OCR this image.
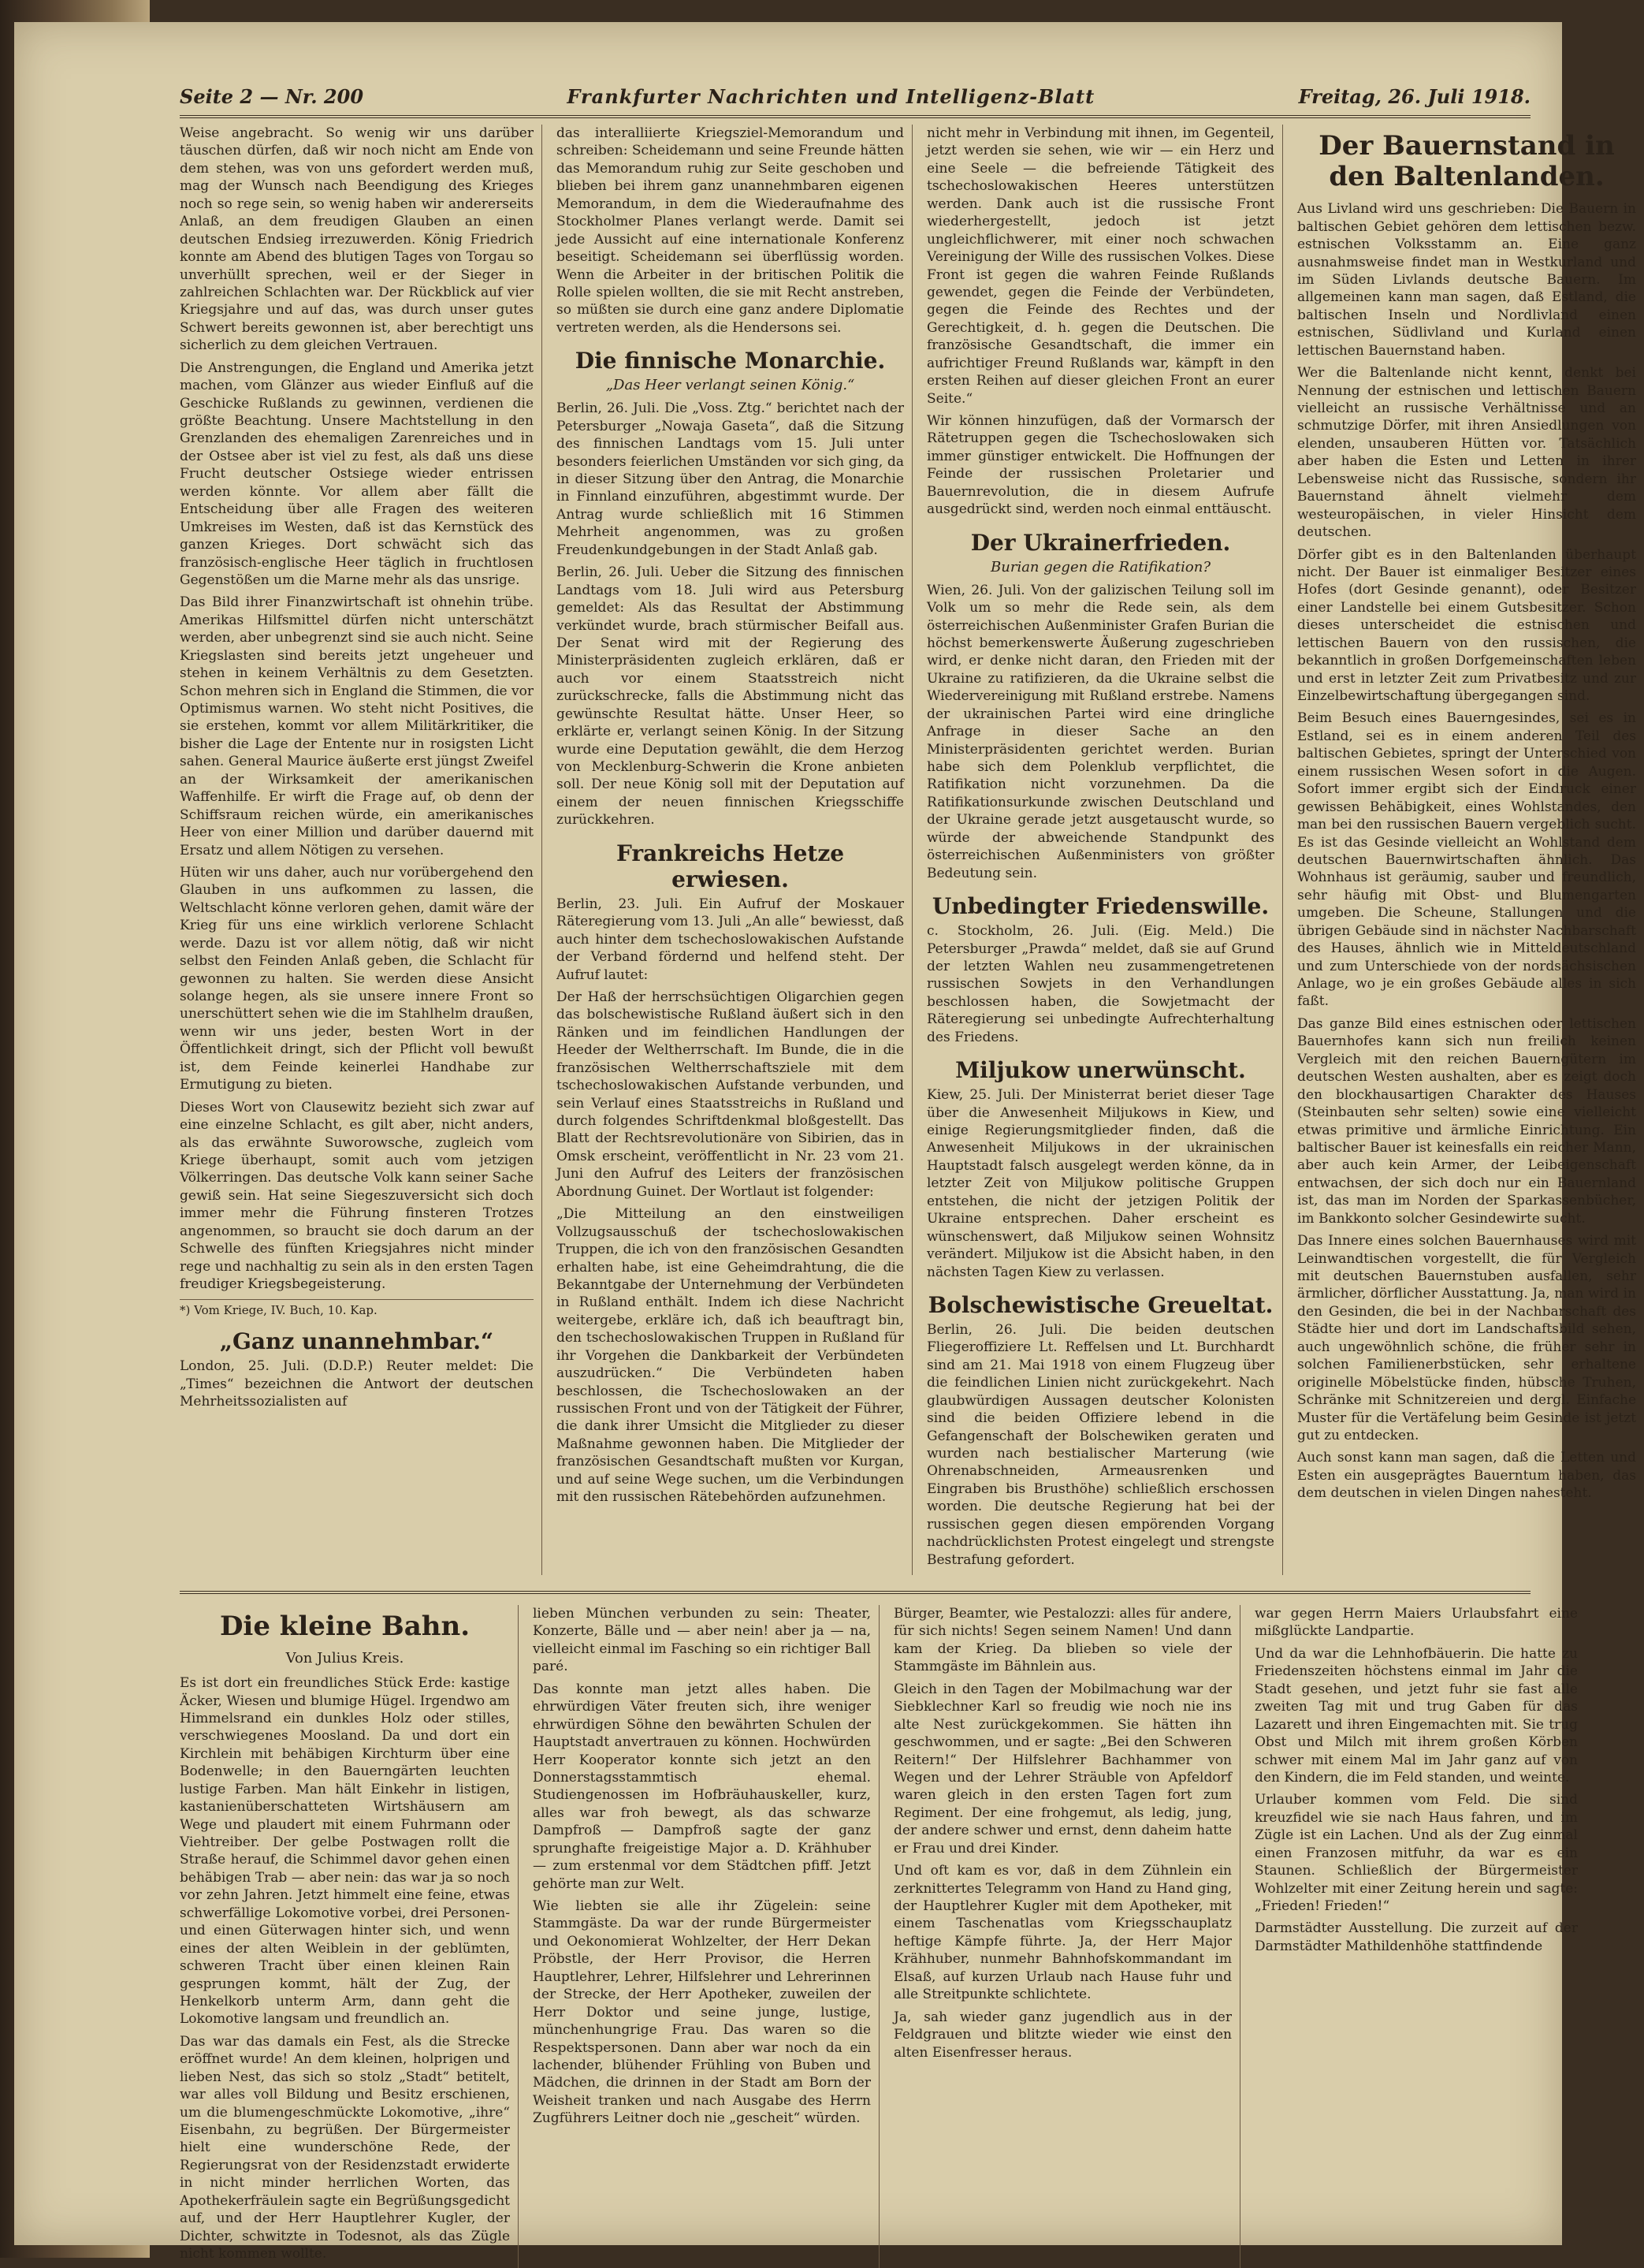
Seite 2 — Nr. 200	Frankfurter Nachrichten und Intelligenz-Blatt	Freitag, 26. Juli 1918.

Weise angebracht. So wenig wir uns darüber täuschen dürfen, daß wir noch nicht am Ende von dem stehen, was von uns gefordert werden muß, mag der Wunsch nach Beendigung des Krieges noch so rege sein, so wenig haben wir andererseits Anlaß, an dem freudigen Glauben an einen deutschen Endsieg irrezuwerden. König Friedrich konnte am Abend des blutigen Tages von Torgau so unverhüllt sprechen, weil er der Sieger in zahlreichen Schlachten war. Der Rückblick auf vier Kriegsjahre und auf das, was durch unser gutes Schwert bereits gewonnen ist, aber berechtigt uns sicherlich zu dem gleichen Vertrauen.

Die Anstrengungen, die England und Amerika jetzt machen, vom Glänzer aus wieder Einfluß auf die Geschicke Rußlands zu gewinnen, verdienen die größte Beachtung. Unsere Machtstellung in den Grenzlanden des ehemaligen Zarenreiches und in der Ostsee aber ist viel zu fest, als daß uns diese Frucht deutscher Ostsiege wieder entrissen werden könnte. Vor allem aber fällt die Entscheidung über alle Fragen des weiteren Umkreises im Westen, daß ist das Kernstück des ganzen Krieges. Dort schwächt sich das französisch-englische Heer täglich in fruchtlosen Gegenstößen um die Marne mehr als das unsrige.

Das Bild ihrer Finanzwirtschaft ist ohnehin trübe. Amerikas Hilfsmittel dürfen nicht unterschätzt werden, aber unbegrenzt sind sie auch nicht. Seine Kriegslasten sind bereits jetzt ungeheuer und stehen in keinem Verhältnis zu dem Gesetzten. Schon mehren sich in England die Stimmen, die vor Optimismus warnen. Wo steht nicht Positives, die sie erstehen, kommt vor allem Militärkritiker, die bisher die Lage der Entente nur in rosigsten Licht sahen. General Maurice äußerte erst jüngst Zweifel an der Wirksamkeit der amerikanischen Waffenhilfe. Er wirft die Frage auf, ob denn der Schiffsraum reichen würde, ein amerikanisches Heer von einer Million und darüber dauernd mit Ersatz und allem Nötigen zu versehen.

Hüten wir uns daher, auch nur vorübergehend den Glauben in uns aufkommen zu lassen, die Weltschlacht könne verloren gehen, damit wäre der Krieg für uns eine wirklich verlorene Schlacht werde. Dazu ist vor allem nötig, daß wir nicht selbst den Feinden Anlaß geben, die Schlacht für gewonnen zu halten. Sie werden diese Ansicht solange hegen, als sie unsere innere Front so unerschüttert sehen wie die im Stahlhelm draußen, wenn wir uns jeder, besten Wort in der Öffentlichkeit dringt, sich der Pflicht voll bewußt ist, dem Feinde keinerlei Handhabe zur Ermutigung zu bieten.

Dieses Wort von Clausewitz bezieht sich zwar auf eine einzelne Schlacht, es gilt aber, nicht anders, als das erwähnte Suworowsche, zugleich vom Kriege überhaupt, somit auch vom jetzigen Völkerringen. Das deutsche Volk kann seiner Sache gewiß sein. Hat seine Siegeszuversicht sich doch immer mehr die Führung finsteren Trotzes angenommen, so braucht sie doch darum an der Schwelle des fünften Kriegsjahres nicht minder rege und nachhaltig zu sein als in den ersten Tagen freudiger Kriegsbegeisterung.

*) Vom Kriege, IV. Buch, 10. Kap.
„Ganz unannehmbar.“

London, 25. Juli. (D.D.P.) Reuter meldet: Die „Times“ bezeichnen die Antwort der deutschen Mehrheitssozialisten auf

das interalliierte Kriegsziel-Memorandum und schreiben: Scheidemann und seine Freunde hätten das Memorandum ruhig zur Seite geschoben und blieben bei ihrem ganz unannehmbaren eigenen Memorandum, in dem die Wiederaufnahme des Stockholmer Planes verlangt werde. Damit sei jede Aussicht auf eine internationale Konferenz beseitigt. Scheidemann sei überflüssig worden. Wenn die Arbeiter in der britischen Politik die Rolle spielen wollten, die sie mit Recht anstreben, so müßten sie durch eine ganz andere Diplomatie vertreten werden, als die Hendersons sei.

Die finnische Monarchie.
„Das Heer verlangt seinen König.“

Berlin, 26. Juli. Die „Voss. Ztg.“ berichtet nach der Petersburger „Nowaja Gaseta“, daß die Sitzung des finnischen Landtags vom 15. Juli unter besonders feierlichen Umständen vor sich ging, da in dieser Sitzung über den Antrag, die Monarchie in Finnland einzuführen, abgestimmt wurde. Der Antrag wurde schließlich mit 16 Stimmen Mehrheit angenommen, was zu großen Freudenkundgebungen in der Stadt Anlaß gab.

Berlin, 26. Juli. Ueber die Sitzung des finnischen Landtags vom 18. Juli wird aus Petersburg gemeldet: Als das Resultat der Abstimmung verkündet wurde, brach stürmischer Beifall aus. Der Senat wird mit der Regierung des Ministerpräsidenten zugleich erklären, daß er auch vor einem Staatsstreich nicht zurückschrecke, falls die Abstimmung nicht das gewünschte Resultat hätte. Unser Heer, so erklärte er, verlangt seinen König. In der Sitzung wurde eine Deputation gewählt, die dem Herzog von Mecklenburg-Schwerin die Krone anbieten soll. Der neue König soll mit der Deputation auf einem der neuen finnischen Kriegsschiffe zurückkehren.

Frankreichs Hetze erwiesen.

Berlin, 23. Juli. Ein Aufruf der Moskauer Räteregierung vom 13. Juli „An alle“ bewiesst, daß auch hinter dem tschechoslowakischen Aufstande der Verband fördernd und helfend steht. Der Aufruf lautet:

Der Haß der herrschsüchtigen Oligarchien gegen das bolschewistische Rußland äußert sich in den Ränken und im feindlichen Handlungen der Heeder der Weltherrschaft. Im Bunde, die in die französischen Weltherrschaftsziele mit dem tschechoslowakischen Aufstande verbunden, und sein Verlauf eines Staatsstreichs in Rußland und durch folgendes Schriftdenkmal bloßgestellt. Das Blatt der Rechtsrevolutionäre von Sibirien, das in Omsk erscheint, veröffentlicht in Nr. 23 vom 21. Juni den Aufruf des Leiters der französischen Abordnung Guinet. Der Wortlaut ist folgender:

„Die Mitteilung an den einstweiligen Vollzugsausschuß der tschechoslowakischen Truppen, die ich von den französischen Gesandten erhalten habe, ist eine Geheimdrahtung, die die Bekanntgabe der Unternehmung der Verbündeten in Rußland enthält. Indem ich diese Nachricht weitergebe, erkläre ich, daß ich beauftragt bin, den tschechoslowakischen Truppen in Rußland für ihr Vorgehen die Dankbarkeit der Verbündeten auszudrücken.“ Die Verbündeten haben beschlossen, die Tschechoslowaken an der russischen Front und von der Tätigkeit der Führer, die dank ihrer Umsicht die Mitglieder zu dieser Maßnahme gewonnen haben. Die Mitglieder der französischen Gesandtschaft mußten vor Kurgan, und auf seine Wege suchen, um die Verbindungen mit den russischen Rätebehörden aufzunehmen.

nicht mehr in Verbindung mit ihnen, im Gegenteil, jetzt werden sie sehen, wie wir — ein Herz und eine Seele — die befreiende Tätigkeit des tschechoslowakischen Heeres unterstützen werden. Dank auch ist die russische Front wiederhergestellt, jedoch ist jetzt ungleichflichwerer, mit einer noch schwachen Vereinigung der Wille des russischen Volkes. Diese Front ist gegen die wahren Feinde Rußlands gewendet, gegen die Feinde der Verbündeten, gegen die Feinde des Rechtes und der Gerechtigkeit, d. h. gegen die Deutschen. Die französische Gesandtschaft, die immer ein aufrichtiger Freund Rußlands war, kämpft in den ersten Reihen auf dieser gleichen Front an eurer Seite.“

Wir können hinzufügen, daß der Vormarsch der Rätetruppen gegen die Tschechoslowaken sich immer günstiger entwickelt. Die Hoffnungen der Feinde der russischen Proletarier und Bauernrevolution, die in diesem Aufrufe ausgedrückt sind, werden noch einmal enttäuscht.

Der Ukrainerfrieden.
Burian gegen die Ratifikation?

Wien, 26. Juli. Von der galizischen Teilung soll im Volk um so mehr die Rede sein, als dem österreichischen Außenminister Grafen Burian die höchst bemerkenswerte Äußerung zugeschrieben wird, er denke nicht daran, den Frieden mit der Ukraine zu ratifizieren, da die Ukraine selbst die Wiedervereinigung mit Rußland erstrebe. Namens der ukrainischen Partei wird eine dringliche Anfrage in dieser Sache an den Ministerpräsidenten gerichtet werden. Burian habe sich dem Polenklub verpflichtet, die Ratifikation nicht vorzunehmen. Da die Ratifikationsurkunde zwischen Deutschland und der Ukraine gerade jetzt ausgetauscht wurde, so würde der abweichende Standpunkt des österreichischen Außenministers von größter Bedeutung sein.

Unbedingter Friedenswille.

c. Stockholm, 26. Juli. (Eig. Meld.) Die Petersburger „Prawda“ meldet, daß sie auf Grund der letzten Wahlen neu zusammengetretenen russischen Sowjets in den Verhandlungen beschlossen haben, die Sowjetmacht der Räteregierung sei unbedingte Aufrechterhaltung des Friedens.

Miljukow unerwünscht.

Kiew, 25. Juli. Der Ministerrat beriet dieser Tage über die Anwesenheit Miljukows in Kiew, und einige Regierungsmitglieder finden, daß die Anwesenheit Miljukows in der ukrainischen Hauptstadt falsch ausgelegt werden könne, da in letzter Zeit von Miljukow politische Gruppen entstehen, die nicht der jetzigen Politik der Ukraine entsprechen. Daher erscheint es wünschenswert, daß Miljukow seinen Wohnsitz verändert. Miljukow ist die Absicht haben, in den nächsten Tagen Kiew zu verlassen.

Bolschewistische Greueltat.

Berlin, 26. Juli. Die beiden deutschen Fliegeroffiziere Lt. Reffelsen und Lt. Burchhardt sind am 21. Mai 1918 von einem Flugzeug über die feindlichen Linien nicht zurückgekehrt. Nach glaubwürdigen Aussagen deutscher Kolonisten sind die beiden Offiziere lebend in die Gefangenschaft der Bolschewiken geraten und wurden nach bestialischer Marterung (wie Ohrenabschneiden, Armeausrenken und Eingraben bis Brusthöhe) schließlich erschossen worden. Die deutsche Regierung hat bei der russischen gegen diesen empörenden Vorgang nachdrücklichsten Protest eingelegt und strengste Bestrafung gefordert.

Der Bauernstand in den Baltenlanden.

Aus Livland wird uns geschrieben: Die Bauern in baltischen Gebiet gehören dem lettischen bezw. estnischen Volksstamm an. Eine ganz ausnahmsweise findet man in Westkurland und im Süden Livlands deutsche Bauern. Im allgemeinen kann man sagen, daß Estland, die baltischen Inseln und Nordlivland einen estnischen, Südlivland und Kurland einen lettischen Bauernstand haben.

Wer die Baltenlande nicht kennt, denkt bei Nennung der estnischen und lettischen Bauern vielleicht an russische Verhältnisse und an schmutzige Dörfer, mit ihren Ansiedlungen von elenden, unsauberen Hütten vor. Tatsächlich aber haben die Esten und Letten in ihrer Lebensweise nicht das Russische, sondern ihr Bauernstand ähnelt vielmehr dem westeuropäischen, in vieler Hinsicht dem deutschen.

Dörfer gibt es in den Baltenlanden überhaupt nicht. Der Bauer ist einmaliger Besitzer eines Hofes (dort Gesinde genannt), oder Besitzer einer Landstelle bei einem Gutsbesitzer. Schon dieses unterscheidet die estnischen und lettischen Bauern von den russischen, die bekanntlich in großen Dorfgemeinschaften leben und erst in letzter Zeit zum Privatbesitz und zur Einzelbewirtschaftung übergegangen sind.

Beim Besuch eines Bauerngesindes, sei es in Estland, sei es in einem anderen Teil des baltischen Gebietes, springt der Unterschied von einem russischen Wesen sofort in die Augen. Sofort immer ergibt sich der Eindruck einer gewissen Behäbigkeit, eines Wohlstandes, den man bei den russischen Bauern vergeblich sucht. Es ist das Gesinde vielleicht an Wohlstand dem deutschen Bauernwirtschaften ähnlich. Das Wohnhaus ist geräumig, sauber und freundlich, sehr häufig mit Obst- und Blumengarten umgeben. Die Scheune, Stallungen und die übrigen Gebäude sind in nächster Nachbarschaft des Hauses, ähnlich wie in Mitteldeutschland und zum Unterschiede von der nordsächsischen Anlage, wo je ein großes Gebäude alles in sich faßt.

Das ganze Bild eines estnischen oder lettischen Bauernhofes kann sich nun freilich keinen Vergleich mit den reichen Bauerngütern im deutschen Westen aushalten, aber es zeigt doch den blockhausartigen Charakter des Hauses (Steinbauten sehr selten) sowie eine vielleicht etwas primitive und ärmliche Einrichtung. Ein baltischer Bauer ist keinesfalls ein reicher Mann, aber auch kein Armer, der Leibeigenschaft entwachsen, der sich doch nur ein Bauernland ist, das man im Norden der Sparkassenbücher, im Bankkonto solcher Gesindewirte sucht.

Das Innere eines solchen Bauernhauses wird mit Leinwandtischen vorgestellt, die für Vergleich mit deutschen Bauernstuben ausfallen, sehr ärmlicher, dörflicher Ausstattung. Ja, man wird in den Gesinden, die bei in der Nachbarschaft des Städte hier und dort im Landschaftsbild sehen, auch ungewöhnlich schöne, die früher sehr in solchen Familienerbstücken, sehr erhaltene originelle Möbelstücke finden, hübsche Truhen, Schränke mit Schnitzereien und dergl. Einfache Muster für die Vertäfelung beim Gesinde ist jetzt gut zu entdecken.

Auch sonst kann man sagen, daß die Letten und Esten ein ausgeprägtes Bauerntum haben, das dem deutschen in vielen Dingen nahesteht.

Die kleine Bahn.
Von Julius Kreis.

Es ist dort ein freundliches Stück Erde: kastige Äcker, Wiesen und blumige Hügel. Irgendwo am Himmelsrand ein dunkles Holz oder stilles, verschwiegenes Moosland. Da und dort ein Kirchlein mit behäbigen Kirchturm über eine Bodenwelle; in den Bauerngärten leuchten lustige Farben. Man hält Einkehr in listigen, kastanienüberschatteten Wirtshäusern am Wege und plaudert mit einem Fuhrmann oder Viehtreiber. Der gelbe Postwagen rollt die Straße herauf, die Schimmel davor gehen einen behäbigen Trab — aber nein: das war ja so noch vor zehn Jahren. Jetzt himmelt eine feine, etwas schwerfällige Lokomotive vorbei, drei Personen- und einen Güterwagen hinter sich, und wenn eines der alten Weiblein in der geblümten, schweren Tracht über einen kleinen Rain gesprungen kommt, hält der Zug, der Henkelkorb unterm Arm, dann geht die Lokomotive langsam und freundlich an.

Das war das damals ein Fest, als die Strecke eröffnet wurde! An dem kleinen, holprigen und lieben Nest, das sich so stolz „Stadt“ betitelt, war alles voll Bildung und Besitz erschienen, um die blumengeschmückte Lokomotive, „ihre“ Eisenbahn, zu begrüßen. Der Bürgermeister hielt eine wunderschöne Rede, der Regierungsrat von der Residenzstadt erwiderte in nicht minder herrlichen Worten, das Apothekerfräulein sagte ein Begrüßungsgedicht auf, und der Herr Hauptlehrer Kugler, der Dichter, schwitzte in Todesnot, als das Zügle nicht kommen wollte.

lieben München verbunden zu sein: Theater, Konzerte, Bälle und — aber nein! aber ja — na, vielleicht einmal im Fasching so ein richtiger Ball paré.

Das konnte man jetzt alles haben. Die ehrwürdigen Väter freuten sich, ihre weniger ehrwürdigen Söhne den bewährten Schulen der Hauptstadt anvertrauen zu können. Hochwürden Herr Kooperator konnte sich jetzt an den Donnerstagsstammtisch ehemal. Studiengenossen im Hofbräuhauskeller, kurz, alles war froh bewegt, als das schwarze Dampfroß — Dampfroß sagte der ganz sprunghafte freigeistige Major a. D. Krähhuber — zum erstenmal vor dem Städtchen pfiff. Jetzt gehörte man zur Welt.

Wie liebten sie alle ihr Zügelein: seine Stammgäste. Da war der runde Bürgermeister und Oekonomierat Wohlzelter, der Herr Dekan Pröbstle, der Herr Provisor, die Herren Hauptlehrer, Lehrer, Hilfslehrer und Lehrerinnen der Strecke, der Herr Apotheker, zuweilen der Herr Doktor und seine junge, lustige, münchenhungrige Frau. Das waren so die Respektspersonen. Dann aber war noch da ein lachender, blühender Frühling von Buben und Mädchen, die drinnen in der Stadt am Born der Weisheit tranken und nach Ausgabe des Herrn Zugführers Leitner doch nie „gescheit“ würden.

Bürger, Beamter, wie Pestalozzi: alles für andere, für sich nichts! Segen seinem Namen! Und dann kam der Krieg. Da blieben so viele der Stammgäste im Bähnlein aus.

Gleich in den Tagen der Mobilmachung war der Siebklechner Karl so freudig wie noch nie ins alte Nest zurückgekommen. Sie hätten ihn geschwommen, und er sagte: „Bei den Schweren Reitern!“ Der Hilfslehrer Bachhammer von Wegen und der Lehrer Sträuble von Apfeldorf waren gleich in den ersten Tagen fort zum Regiment. Der eine frohgemut, als ledig, jung, der andere schwer und ernst, denn daheim hatte er Frau und drei Kinder.

Und oft kam es vor, daß in dem Zühnlein ein zerknittertes Telegramm von Hand zu Hand ging, der Hauptlehrer Kugler mit dem Apotheker, mit einem Taschenatlas vom Kriegsschauplatz heftige Kämpfe führte. Ja, der Herr Major Krähhuber, nunmehr Bahnhofskommandant im Elsaß, auf kurzen Urlaub nach Hause fuhr und alle Streitpunkte schlichtete.

Ja, sah wieder ganz jugendlich aus in der Feldgrauen und blitzte wieder wie einst den alten Eisenfresser heraus.

war gegen Herrn Maiers Urlaubsfahrt eine mißglückte Landpartie.

Und da war die Lehnhofbäuerin. Die hatte zu Friedenszeiten höchstens einmal im Jahr die Stadt gesehen, und jetzt fuhr sie fast alle zweiten Tag mit und trug Gaben für das Lazarett und ihren Eingemachten mit. Sie trug Obst und Milch mit ihrem großen Körben schwer mit einem Mal im Jahr ganz auf von den Kindern, die im Feld standen, und weinte.

Urlauber kommen vom Feld. Die sind kreuzfidel wie sie nach Haus fahren, und im Zügle ist ein Lachen. Und als der Zug einmal einen Franzosen mitfuhr, da war es ein Staunen. Schließlich der Bürgermeister Wohlzelter mit einer Zeitung herein und sagte: „Frieden! Frieden!“

Darmstädter Ausstellung. Die zurzeit auf der Darmstädter Mathildenhöhe stattfindende
